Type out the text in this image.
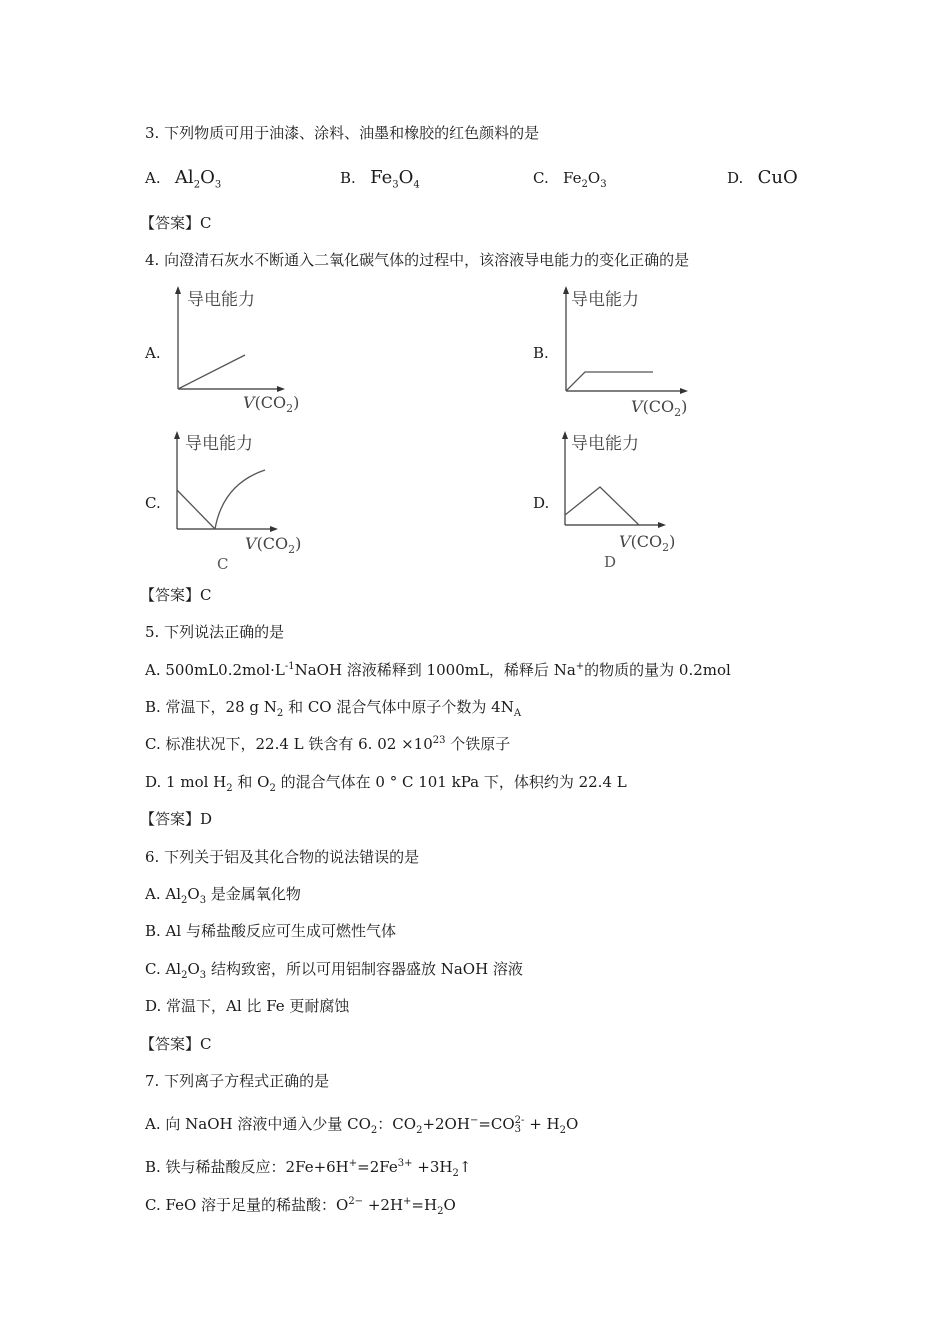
3. 下列物质可用于油漆、涂料、油墨和橡胶的红色颜料的是
A. $Al_2O_3$	B. $Fe_3O_4$	C. $Fe_2O_3$	D. CuO
【答案】C
4. 向澄清石灰水不断通入二氧化碳气体的过程中，该溶液导电能力的变化正确的是
A.
导电能力
$V(CO_2)$
B.
导电能力
$V(CO_2)$
C.
导电能力
$V(CO_2)$
C
D.
导电能力
$V(CO_2)$
D
【答案】C
5. 下列说法正确的是
A. $500mL0.2mol\cdot L^{-1}NaOH$ 溶液稀释到 1000mL，稀释后 Na+的物质的量为 0.2mol
B. 常温下，28 g $N_2$ 和 CO 混合气体中原子个数为 $4N_A$
C. 标准状况下，22.4 L 铁含有 6. $02 \times 10^{23}$ 个铁原子
D. 1 mol $H_2$ 和 $O_2$ 的混合气体在 0 ° C 101 kPa 下，体积约为 22.4 L
【答案】D
6. 下列关于铝及其化合物的说法错误的是
A. $Al_2O_3$ 是金属氧化物
B. Al 与稀盐酸反应可生成可燃性气体
C. $Al_2O_3$ 结构致密，所以可用铝制容器盛放 NaOH 溶液
D. 常温下，Al 比 Fe 更耐腐蚀
【答案】C
7. 下列离子方程式正确的是
A. 向 NaOH 溶液中通入少量 $CO_2$：$CO_2+2OH^-=CO$ 2-
$3 + H_2O$
B. 铁与稀盐酸反应：$2Fe+6H^+=2Fe^{3+}$ $+3H_2↑$
C. FeO 溶于足量的稀盐酸：$O^{2-} +2H^+=H_2O$
